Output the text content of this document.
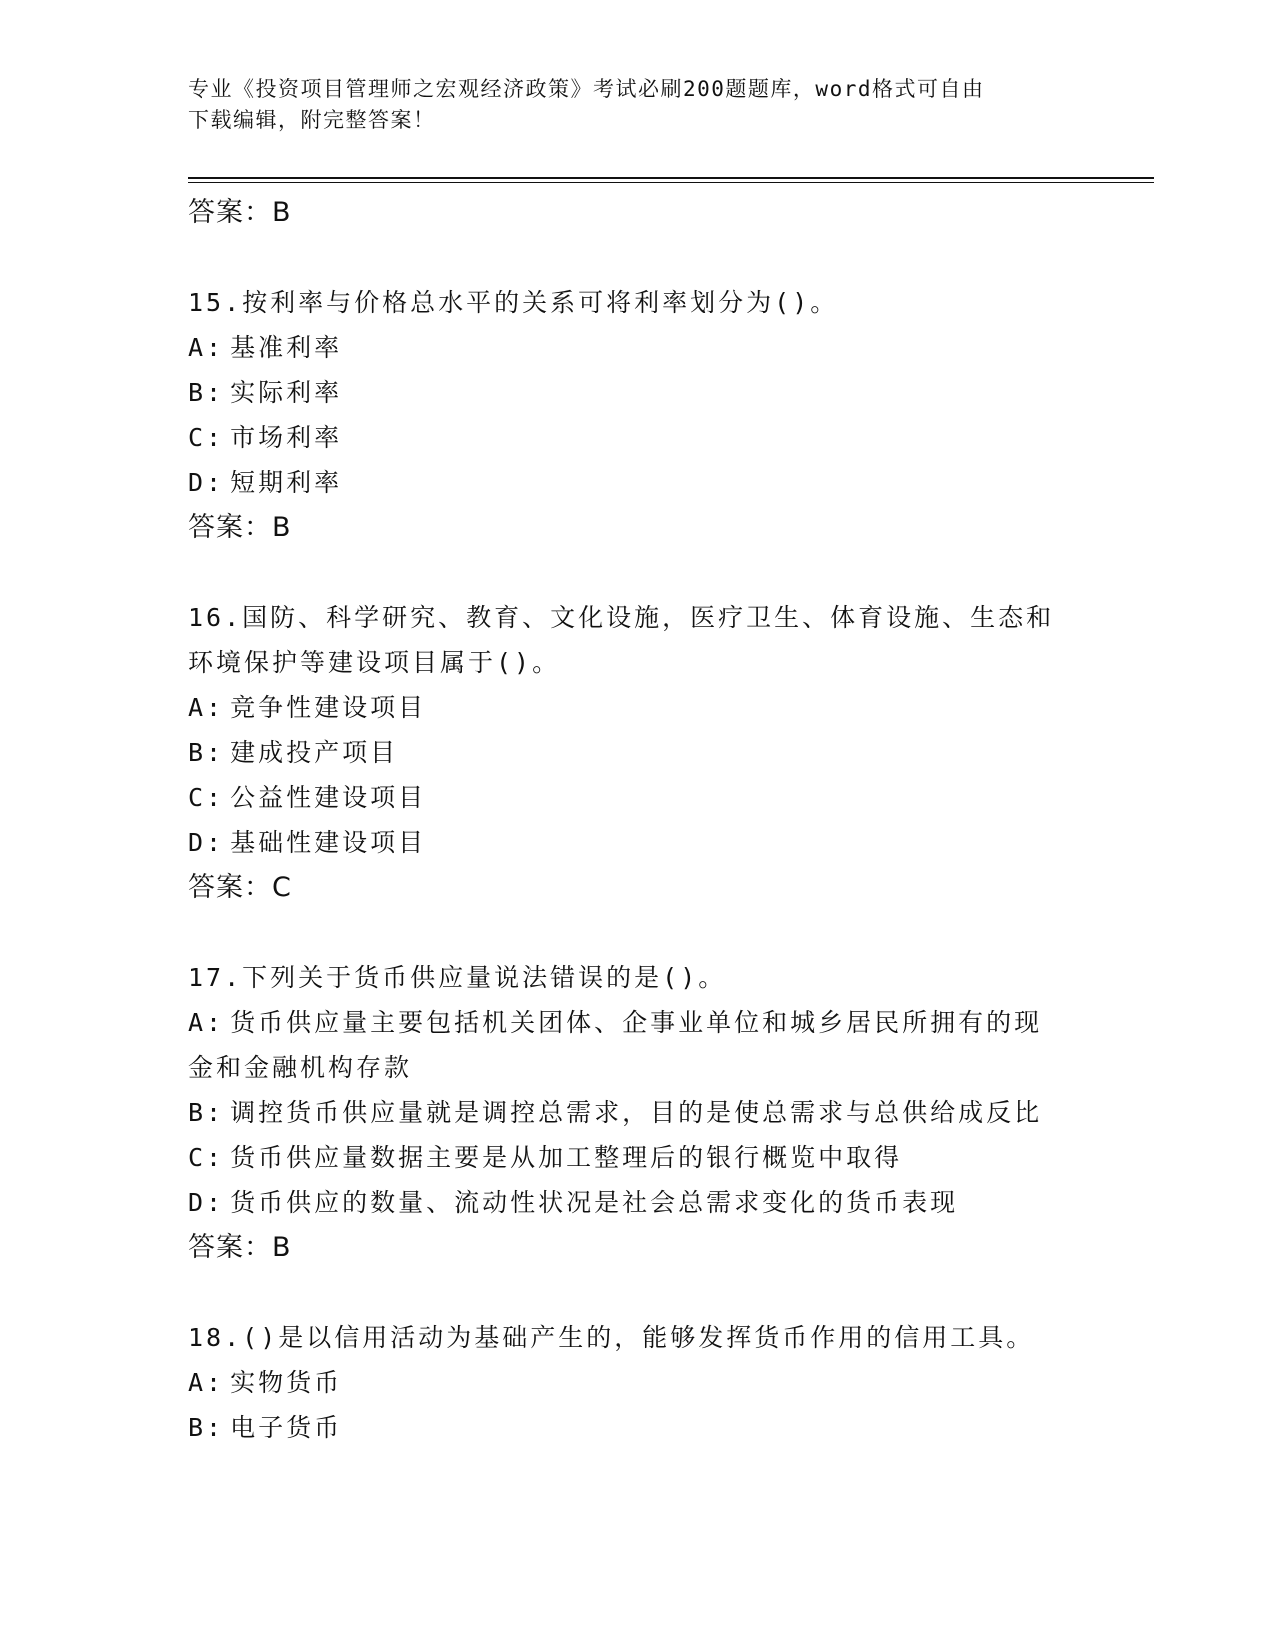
专业《投资项目管理师之宏观经济政策》考试必刷200题题库，word格式可自由
下载编辑，附完整答案！
答案：B
15.按利率与价格总水平的关系可将利率划分为()。
A: 基准利率
B: 实际利率
C: 市场利率
D: 短期利率
答案：B
16.国防、科学研究、教育、文化设施，医疗卫生、体育设施、生态和
环境保护等建设项目属于()。
A: 竞争性建设项目
B: 建成投产项目
C: 公益性建设项目
D: 基础性建设项目
答案：C
17.下列关于货币供应量说法错误的是()。
A: 货币供应量主要包括机关团体、企事业单位和城乡居民所拥有的现
金和金融机构存款
B: 调控货币供应量就是调控总需求，目的是使总需求与总供给成反比
C: 货币供应量数据主要是从加工整理后的银行概览中取得
D: 货币供应的数量、流动性状况是社会总需求变化的货币表现
答案：B
18.()是以信用活动为基础产生的，能够发挥货币作用的信用工具。
A: 实物货币
B: 电子货币
